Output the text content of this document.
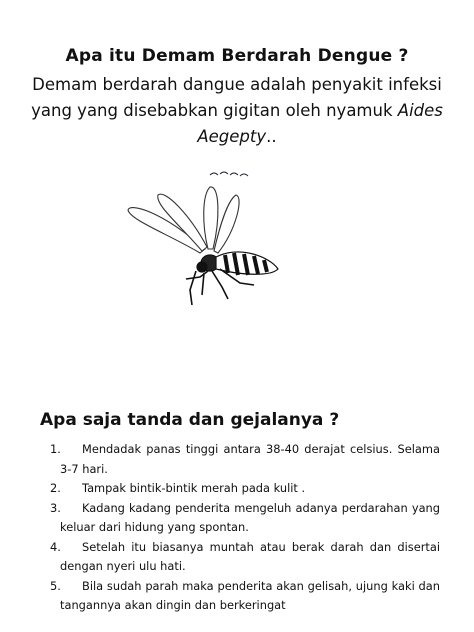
Apa itu Demam Berdarah Dengue ?
Demam berdarah dangue adalah penyakit infeksi yang yang disebabkan gigitan oleh nyamuk Aides Aegepty..
Apa saja tanda dan gejalanya ?
1.	Mendadak panas tinggi antara 38-40 derajat celsius. Selama 3-7 hari.
2.	Tampak bintik-bintik merah pada kulit .
3.	Kadang kadang penderita mengeluh adanya perdarahan yang keluar dari hidung yang spontan.
4.	Setelah itu biasanya muntah atau berak darah dan disertai dengan nyeri ulu hati.
5.	Bila sudah parah maka penderita akan gelisah, ujung kaki dan tangannya akan dingin dan berkeringat
